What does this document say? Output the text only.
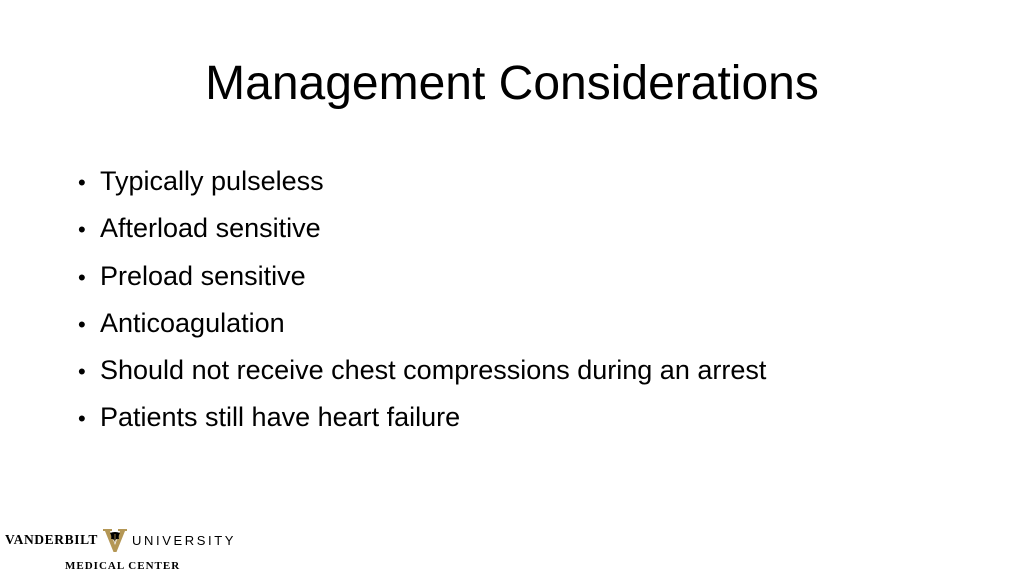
Management Considerations
• Typically pulseless
• Afterload sensitive
• Preload sensitive
• Anticoagulation
• Should not receive chest compressions during an arrest
• Patients still have heart failure
VANDERBILT	UNIVERSITY
MEDICAL CENTER
